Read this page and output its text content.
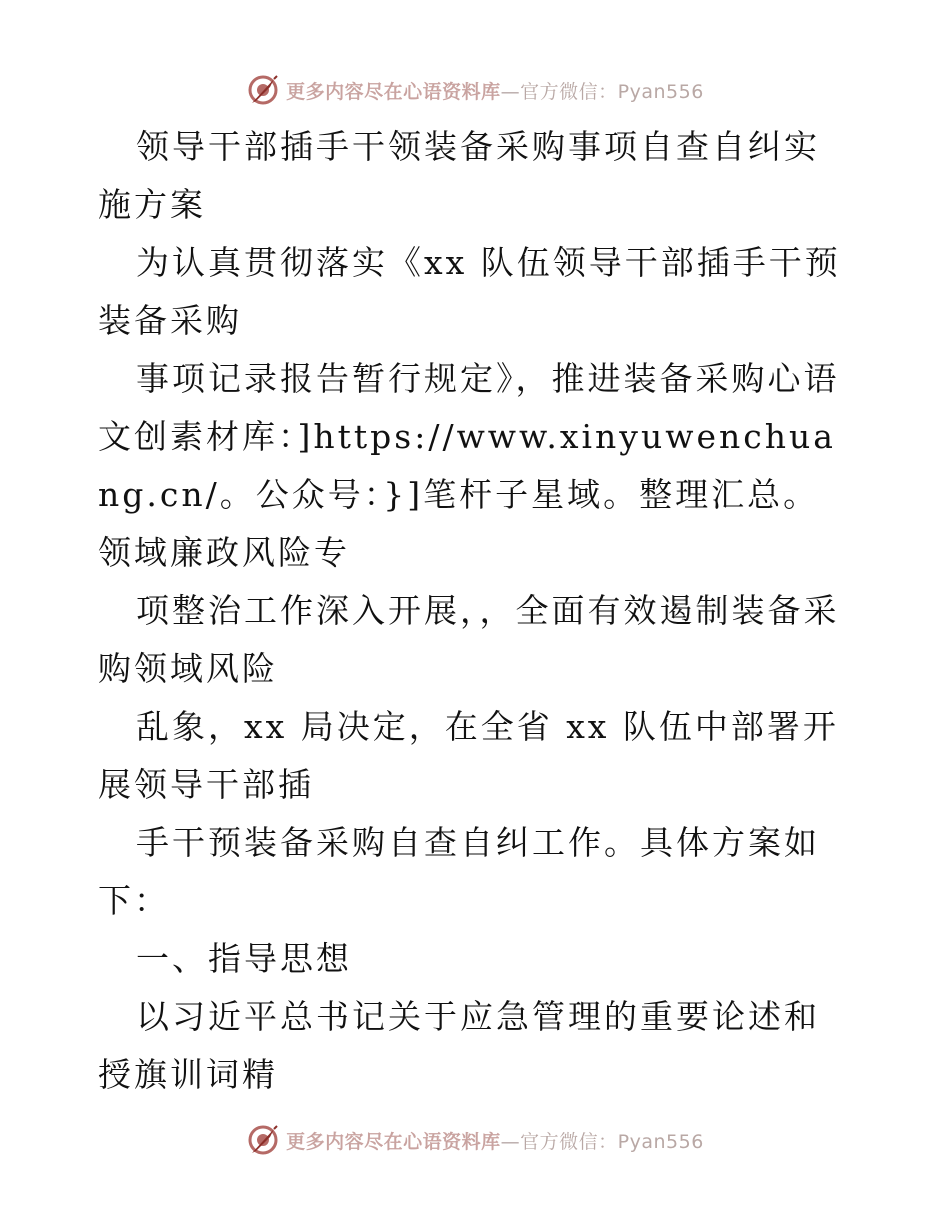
更多内容尽在心语资料库—官方微信：Pyan556

领导干部插手干领装备采购事项自查自纠实施方案

为认真贯彻落实《xx 队伍领导干部插手干预装备采购

事项记录报告暂行规定》，推进装备采购心语文创素材库：]https://www.xinyuwenchuang.cn/。公众号：}]笔杆子星域。整理汇总。领域廉政风险专

项整治工作深入开展，，全面有效遏制装备采购领域风险

乱象，xx 局决定，在全省 xx 队伍中部署开展领导干部插

手干预装备采购自查自纠工作。具体方案如下：

一、指导思想

以习近平总书记关于应急管理的重要论述和授旗训词精

更多内容尽在心语资料库—官方微信：Pyan556
